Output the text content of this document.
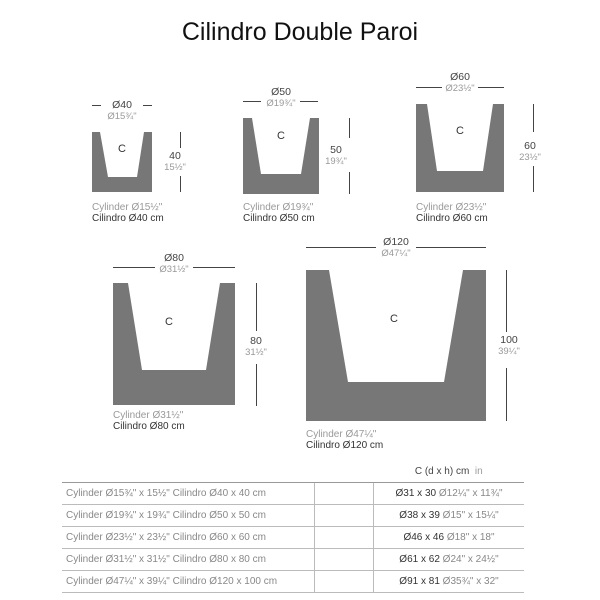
Cilindro Double Paroi
Ø40
Ø15¾"
C
40
15½"
Cylinder Ø15½"
Cilindro Ø40 cm
Ø50
Ø19¾"
C
50
19¾"
Cylinder Ø19¾"
Cilindro Ø50 cm
Ø60
Ø23½"
C
60
23½"
Cylinder Ø23½"
Cilindro Ø60 cm
Ø80
Ø31½"
C
80
31½"
Cylinder Ø31½"
Cilindro Ø80 cm
Ø120
Ø47¼"
C
100
39¼"
Cylinder Ø47¼"
Cilindro Ø120 cm
		C (d x h) cm in
Cylinder Ø15¾" x 15½" Cilindro Ø40 x 40 cm		Ø31 x 30 Ø12¼" x 11¾"
Cylinder Ø19¾" x 19¾" Cilindro Ø50 x 50 cm		Ø38 x 39 Ø15" x 15¼"
Cylinder Ø23½" x 23½" Cilindro Ø60 x 60 cm		Ø46 x 46 Ø18" x 18"
Cylinder Ø31½" x 31½" Cilindro Ø80 x 80 cm		Ø61 x 62 Ø24" x 24½"
Cylinder Ø47¼" x 39¼" Cilindro Ø120 x 100 cm		Ø91 x 81 Ø35¾" x 32"
